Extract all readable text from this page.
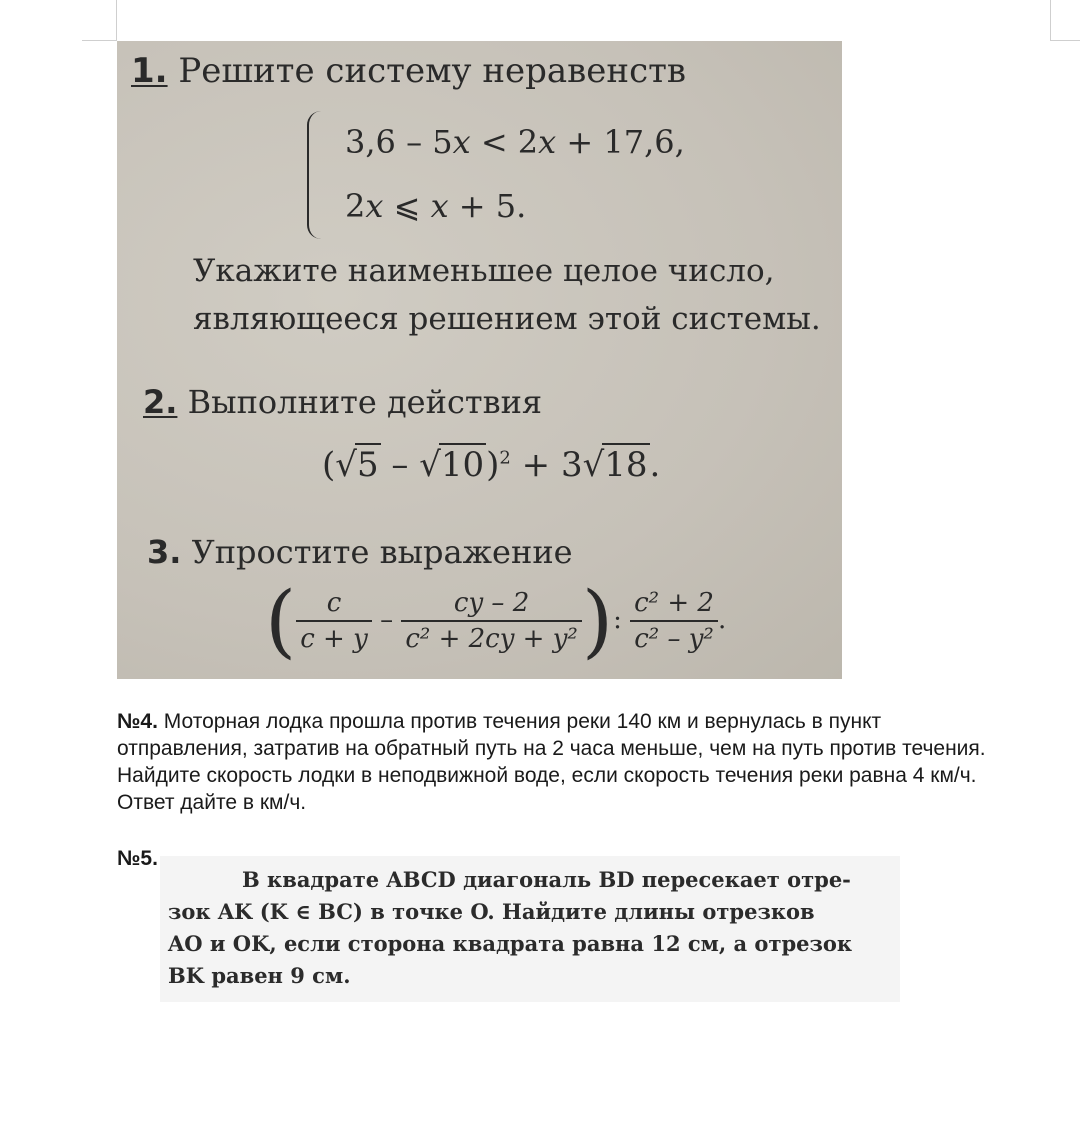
1. Решите систему неравенств
3,6 – 5x < 2x + 17,6,
2x ⩽ x + 5.
Укажите наименьшее целое число,
являющееся решением этой системы.
2. Выполните действия
(√5 – √10)$^2$ + 3√18.
3. Упростите выражение
( $\frac{c}{c + y} - \frac{cy - 2}{\text{c² + 2cy + y²}}$ ): $\frac{\text{c² + 2}}{\text{c² – y²}}$ .
№4. Моторная лодка прошла против течения реки 140 км и вернулась в пункт отправления, затратив на обратный путь на 2 часа меньше, чем на путь против течения. Найдите скорость лодки в неподвижной воде, если скорость течения реки равна 4 км/ч. Ответ дайте в км/ч.
№5.
В квадрате ABCD диагональ BD пересекает отре-
зок AK (K ∈ BC) в точке O. Найдите длины отрезков
AO и OK, если сторона квадрата равна 12 см, а отрезок
BK равен 9 см.
